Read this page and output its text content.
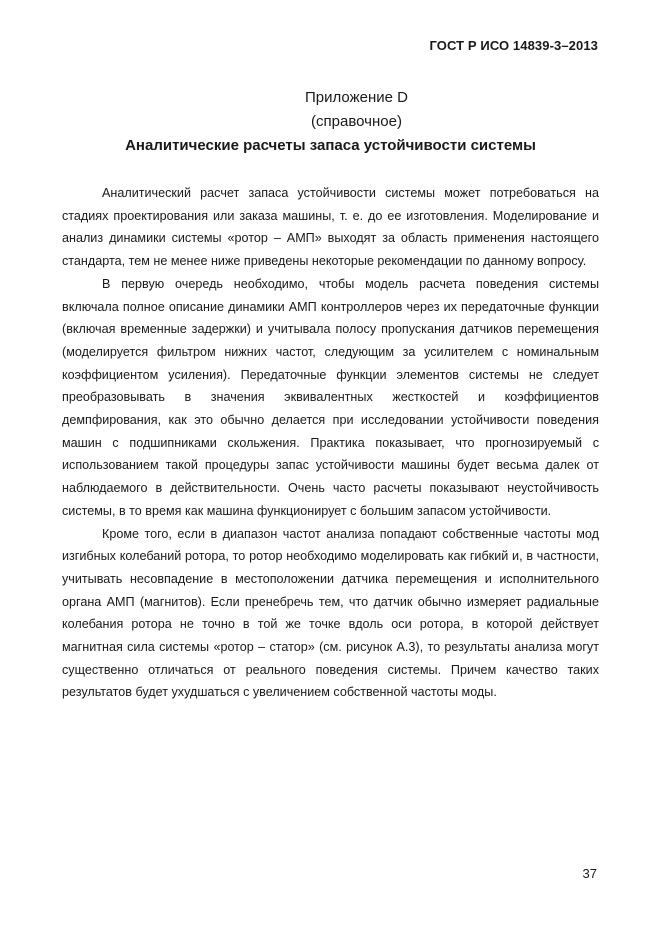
ГОСТ Р ИСО 14839-3–2013
Приложение D
(справочное)
Аналитические расчеты запаса устойчивости системы

Аналитический расчет запаса устойчивости системы может потребоваться на стадиях проектирования или заказа машины, т. е. до ее изготовления. Моделирование и анализ динамики системы «ротор – АМП» выходят за область применения настоящего стандарта, тем не менее ниже приведены некоторые рекомендации по данному вопросу.

В первую очередь необходимо, чтобы модель расчета поведения системы включала полное описание динамики АМП контроллеров через их передаточные функции (включая временные задержки) и учитывала полосу пропускания датчиков перемещения (моделируется фильтром нижних частот, следующим за усилителем с номинальным коэффициентом усиления). Передаточные функции элементов системы не следует преобразовывать в значения эквивалентных жесткостей и коэффициентов демпфирования, как это обычно делается при исследовании устойчивости поведения машин с подшипниками скольжения. Практика показывает, что прогнозируемый с использованием такой процедуры запас устойчивости машины будет весьма далек от наблюдаемого в действительности. Очень часто расчеты показывают неустойчивость системы, в то время как машина функционирует с большим запасом устойчивости.

Кроме того, если в диапазон частот анализа попадают собственные частоты мод изгибных колебаний ротора, то ротор необходимо моделировать как гибкий и, в частности, учитывать несовпадение в местоположении датчика перемещения и исполнительного органа АМП (магнитов). Если пренебречь тем, что датчик обычно измеряет радиальные колебания ротора не точно в той же точке вдоль оси ротора, в которой действует магнитная сила системы «ротор – статор» (см. рисунок А.3), то результаты анализа могут существенно отличаться от реального поведения системы. Причем качество таких результатов будет ухудшаться с увеличением собственной частоты моды.

37
